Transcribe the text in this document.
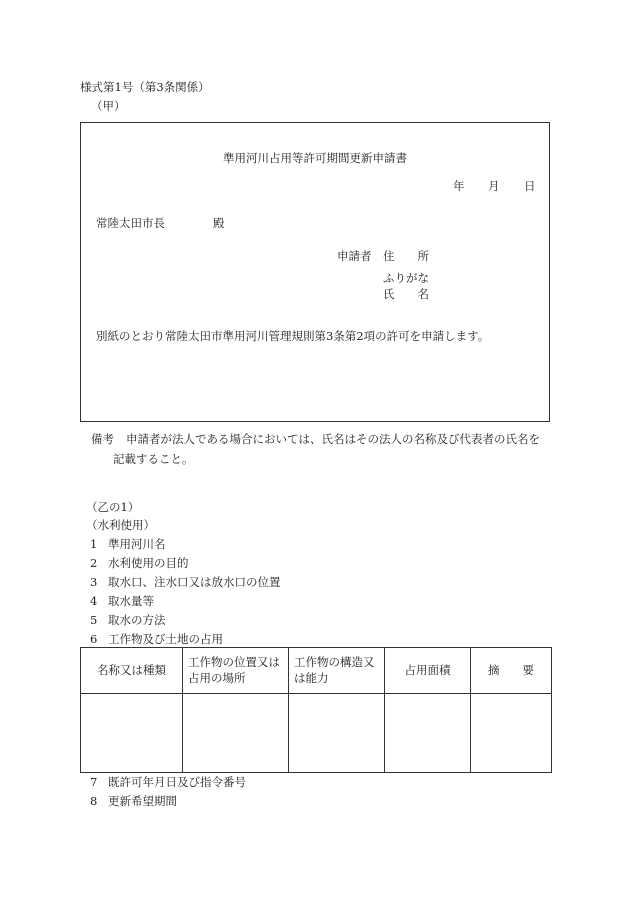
様式第1号（第3条関係）
（甲）
準用河川占用等許可期間更新申請書
年 月 日
常陸太田市長	殿
申請者 住　　所
ふりがな
氏　　名
別紙のとおり常陸太田市準用河川管理規則第3条第2項の許可を申請します。
備考 申請者が法人である場合においては、氏名はその法人の名称及び代表者の氏名を
記載すること。
（乙の1）
（水利使用）
1 準用河川名
2 水利使用の目的
3 取水口、注水口又は放水口の位置
4 取水量等
5 取水の方法
6 工作物及び土地の占用
名称又は種類	工作物の位置又は占用の場所	工作物の構造又は能力	占用面積	摘　　要

7 既許可年月日及び指令番号
8 更新希望期間
